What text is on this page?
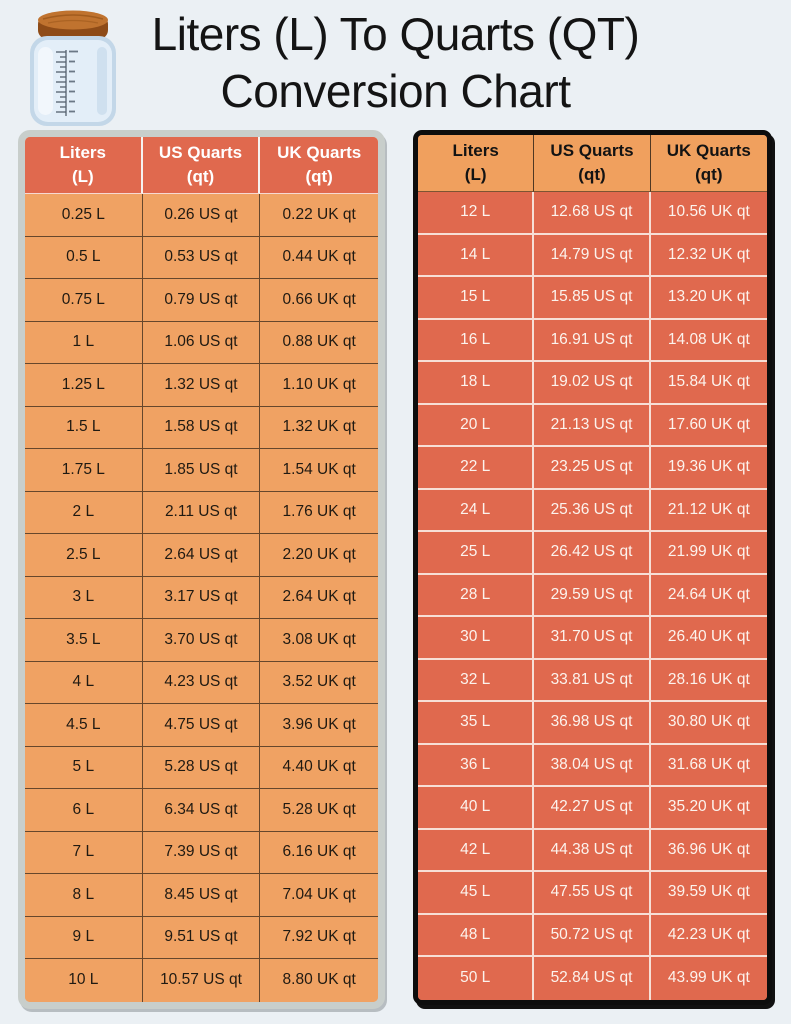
Liters (L) To Quarts (QT)
Conversion Chart
Liters
(L)
US Quarts
(qt)
UK Quarts
(qt)
0.25 L	0.26 US qt	0.22 UK qt
0.5 L	0.53 US qt	0.44 UK qt
0.75 L	0.79 US qt	0.66 UK qt
1 L	1.06 US qt	0.88 UK qt
1.25 L	1.32 US qt	1.10 UK qt
1.5 L	1.58 US qt	1.32 UK qt
1.75 L	1.85 US qt	1.54 UK qt
2 L	2.11 US qt	1.76 UK qt
2.5 L	2.64 US qt	2.20 UK qt
3 L	3.17 US qt	2.64 UK qt
3.5 L	3.70 US qt	3.08 UK qt
4 L	4.23 US qt	3.52 UK qt
4.5 L	4.75 US qt	3.96 UK qt
5 L	5.28 US qt	4.40 UK qt
6 L	6.34 US qt	5.28 UK qt
7 L	7.39 US qt	6.16 UK qt
8 L	8.45 US qt	7.04 UK qt
9 L	9.51 US qt	7.92 UK qt
10 L	10.57 US qt	8.80 UK qt
Liters
(L)
US Quarts
(qt)
UK Quarts
(qt)
12 L	12.68 US qt	10.56 UK qt
14 L	14.79 US qt	12.32 UK qt
15 L	15.85 US qt	13.20 UK qt
16 L	16.91 US qt	14.08 UK qt
18 L	19.02 US qt	15.84 UK qt
20 L	21.13 US qt	17.60 UK qt
22 L	23.25 US qt	19.36 UK qt
24 L	25.36 US qt	21.12 UK qt
25 L	26.42 US qt	21.99 UK qt
28 L	29.59 US qt	24.64 UK qt
30 L	31.70 US qt	26.40 UK qt
32 L	33.81 US qt	28.16 UK qt
35 L	36.98 US qt	30.80 UK qt
36 L	38.04 US qt	31.68 UK qt
40 L	42.27 US qt	35.20 UK qt
42 L	44.38 US qt	36.96 UK qt
45 L	47.55 US qt	39.59 UK qt
48 L	50.72 US qt	42.23 UK qt
50 L	52.84 US qt	43.99 UK qt
